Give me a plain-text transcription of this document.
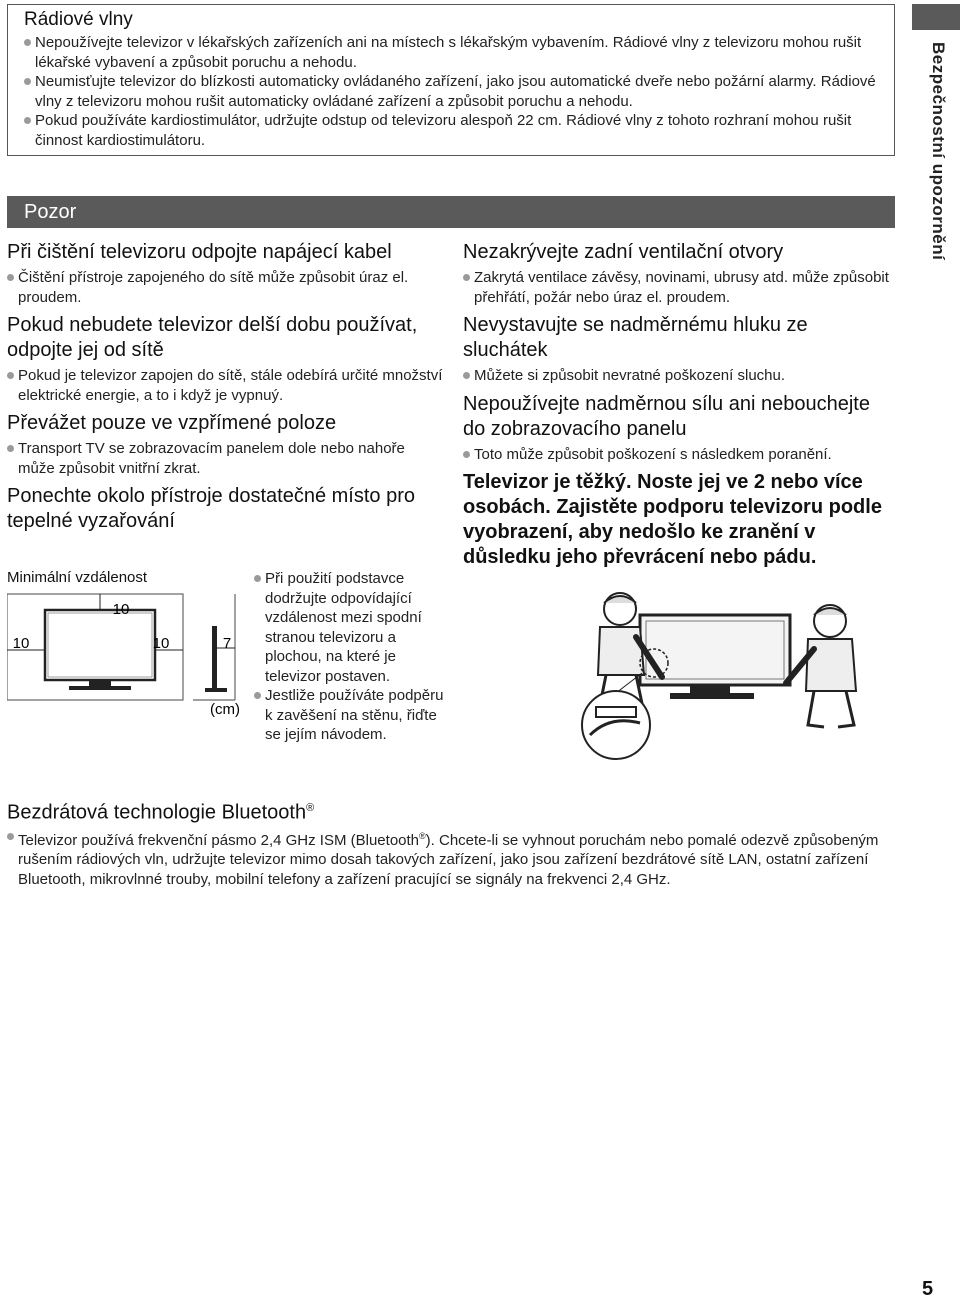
Rádiové vlny
Nepoužívejte televizor v lékařských zařízeních ani na místech s lékařským vybavením. Rádiové vlny z televizoru mohou rušit lékařské vybavení a způsobit poruchu a nehodu.
Neumisťujte televizor do blízkosti automaticky ovládaného zařízení, jako jsou automatické dveře nebo požární alarmy. Rádiové vlny z televizoru mohou rušit automaticky ovládané zařízení a způsobit poruchu a nehodu.
Pokud používáte kardiostimulátor, udržujte odstup od televizoru alespoň 22 cm. Rádiové vlny z tohoto rozhraní mohou rušit činnost kardiostimulátoru.
Pozor
Při čištění televizoru odpojte napájecí kabel
Čištění přístroje zapojeného do sítě může způsobit úraz el. proudem.
Pokud nebudete televizor delší dobu používat, odpojte jej od sítě
Pokud je televizor zapojen do sítě, stále odebírá určité množství elektrické energie, a to i když je vypnuý.
Převážet pouze ve vzpřímené poloze
Transport TV se zobrazovacím panelem dole nebo nahoře může způsobit vnitřní zkrat.
Ponechte okolo přístroje dostatečné místo pro tepelné vyzařování
Minimální vzdálenost
10
10	10	7
(cm)
Při použití podstavce dodržujte odpovídající vzdálenost mezi spodní stranou televizoru a plochou, na které je televizor postaven.
Jestliže používáte podpěru k zavěšení na stěnu, řiďte se jejím návodem.
Nezakrývejte zadní ventilační otvory
Zakrytá ventilace závěsy, novinami, ubrusy atd. může způsobit přehřátí, požár nebo úraz el. proudem.
Nevystavujte se nadměrnému hluku ze sluchátek
Můžete si způsobit nevratné poškození sluchu.
Nepoužívejte nadměrnou sílu ani nebouchejte do zobrazovacího panelu
Toto může způsobit poškození s následkem poranění.
Televizor je těžký. Noste jej ve 2 nebo více osobách. Zajistěte podporu televizoru podle vyobrazení, aby nedošlo ke zranění v důsledku jeho převrácení nebo pádu.
Bezdrátová technologie Bluetooth®
Televizor používá frekvenční pásmo 2,4 GHz ISM (Bluetooth®). Chcete-li se vyhnout poruchám nebo pomalé odezvě způsobeným rušením rádiových vln, udržujte televizor mimo dosah takových zařízení, jako jsou zařízení bezdrátové sítě LAN, ostatní zařízení Bluetooth, mikrovlnné trouby, mobilní telefony a zařízení pracující se signály na frekvenci 2,4 GHz.
Bezpečnostní upozornění
5
